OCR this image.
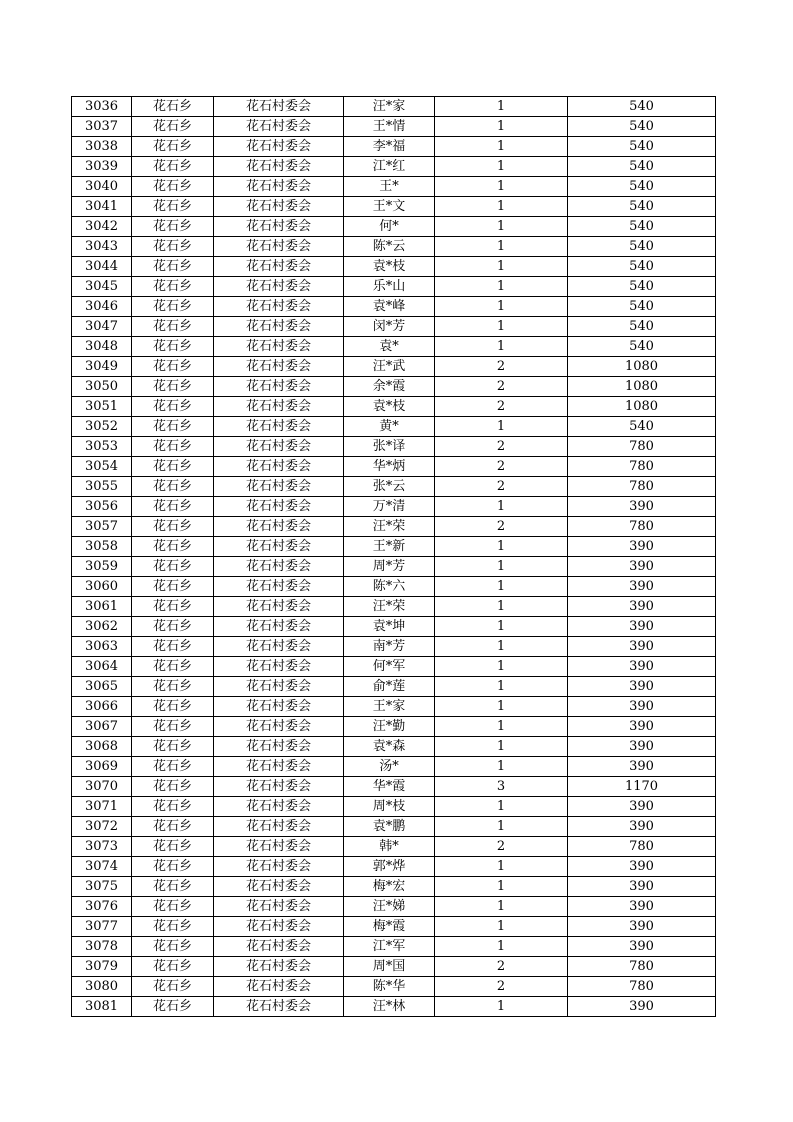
3036	花石乡	花石村委会	汪*家	1	540
3037	花石乡	花石村委会	王*情	1	540
3038	花石乡	花石村委会	李*福	1	540
3039	花石乡	花石村委会	江*红	1	540
3040	花石乡	花石村委会	王*	1	540
3041	花石乡	花石村委会	王*文	1	540
3042	花石乡	花石村委会	何*	1	540
3043	花石乡	花石村委会	陈*云	1	540
3044	花石乡	花石村委会	袁*枝	1	540
3045	花石乡	花石村委会	乐*山	1	540
3046	花石乡	花石村委会	袁*峰	1	540
3047	花石乡	花石村委会	闵*芳	1	540
3048	花石乡	花石村委会	袁*	1	540
3049	花石乡	花石村委会	汪*武	2	1080
3050	花石乡	花石村委会	余*霞	2	1080
3051	花石乡	花石村委会	袁*枝	2	1080
3052	花石乡	花石村委会	黄*	1	540
3053	花石乡	花石村委会	张*译	2	780
3054	花石乡	花石村委会	华*炳	2	780
3055	花石乡	花石村委会	张*云	2	780
3056	花石乡	花石村委会	万*清	1	390
3057	花石乡	花石村委会	汪*荣	2	780
3058	花石乡	花石村委会	王*新	1	390
3059	花石乡	花石村委会	周*芳	1	390
3060	花石乡	花石村委会	陈*六	1	390
3061	花石乡	花石村委会	汪*荣	1	390
3062	花石乡	花石村委会	袁*坤	1	390
3063	花石乡	花石村委会	南*芳	1	390
3064	花石乡	花石村委会	何*军	1	390
3065	花石乡	花石村委会	俞*莲	1	390
3066	花石乡	花石村委会	王*家	1	390
3067	花石乡	花石村委会	汪*勤	1	390
3068	花石乡	花石村委会	袁*森	1	390
3069	花石乡	花石村委会	汤*	1	390
3070	花石乡	花石村委会	华*霞	3	1170
3071	花石乡	花石村委会	周*枝	1	390
3072	花石乡	花石村委会	袁*鹏	1	390
3073	花石乡	花石村委会	韩*	2	780
3074	花石乡	花石村委会	郭*烨	1	390
3075	花石乡	花石村委会	梅*宏	1	390
3076	花石乡	花石村委会	汪*娣	1	390
3077	花石乡	花石村委会	梅*霞	1	390
3078	花石乡	花石村委会	江*军	1	390
3079	花石乡	花石村委会	周*国	2	780
3080	花石乡	花石村委会	陈*华	2	780
3081	花石乡	花石村委会	汪*林	1	390
